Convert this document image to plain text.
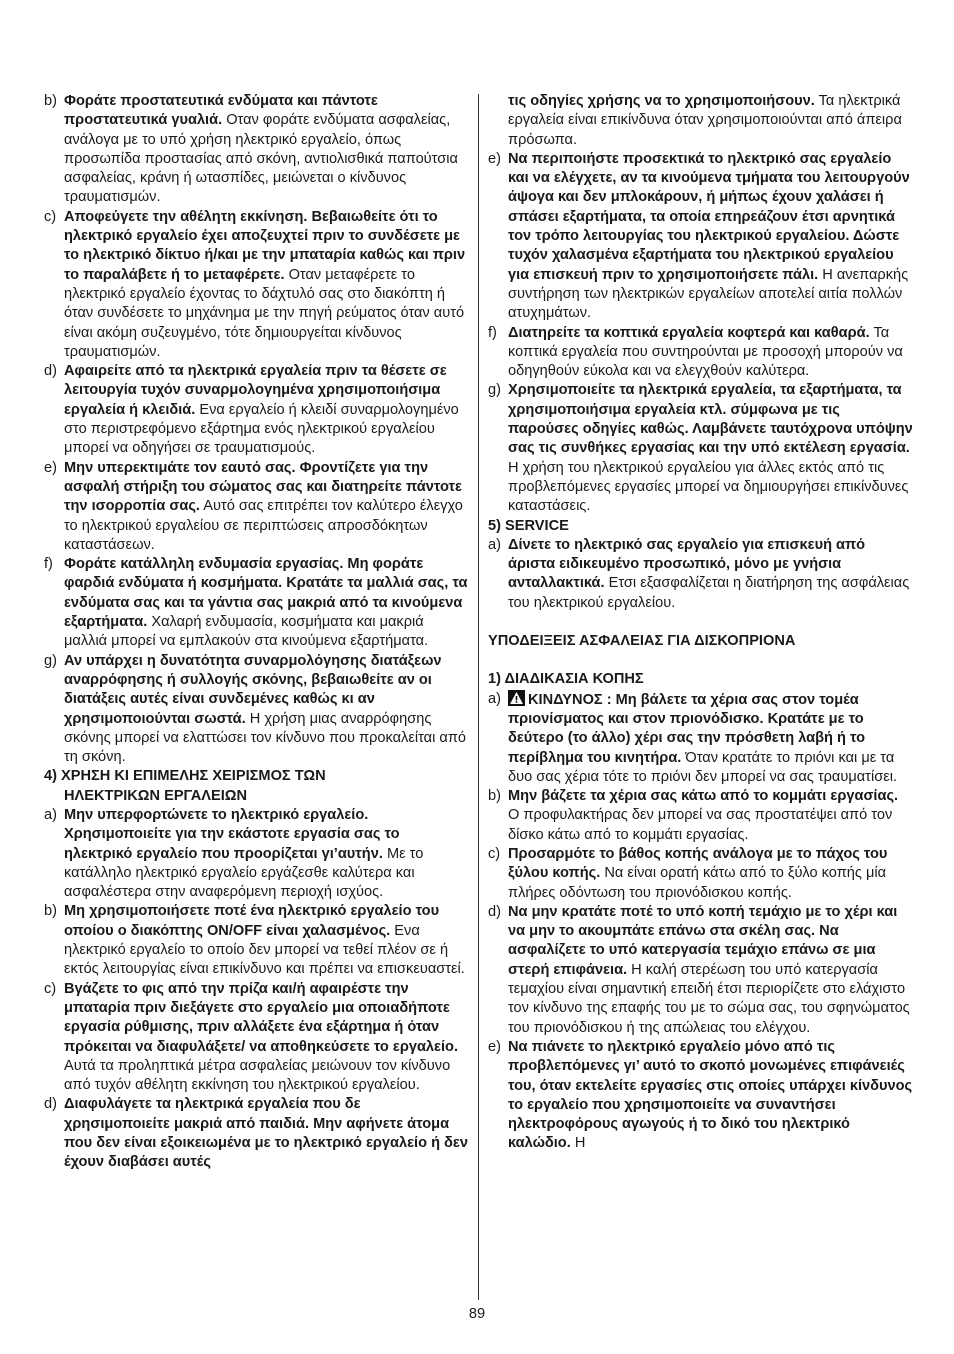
b) Φοράτε προστατευτικά ενδύματα και πάντοτε προστατευτικά γυαλιά. Οταν φοράτε ενδύματα ασφαλείας, ανάλογα με το υπό χρήση ηλεκτρικό εργαλείο, όπως προσωπίδα προστασίας από σκόνη, αντιολισθικά παπούτσια ασφαλείας, κράνη ή ωτασπίδες, μειώνεται ο κίνδυνος τραυματισμών.
c) Αποφεύγετε την αθέλητη εκκίνηση. Βεβαιωθείτε ότι το ηλεκτρικό εργαλείο έχει αποζευχτεί πριν το συνδέσετε με το ηλεκτρικό δίκτυο ή/και με την μπαταρία καθώς και πριν το παραλάβετε ή το μεταφέρετε. Οταν μεταφέρετε το ηλεκτρικό εργαλείο έχοντας το δάχτυλό σας στο διακόπτη ή όταν συνδέσετε το μηχάνημα με την πηγή ρεύματος όταν αυτό είναι ακόμη συζευγμένο, τότε δημιουργείται κίνδυνος τραυματισμών.
d) Αφαιρείτε από τα ηλεκτρικά εργαλεία πριν τα θέσετε σε λειτουργία τυχόν συναρμολογημένα χρησιμοποιήσιμα εργαλεία ή κλειδιά. Ενα εργαλείο ή κλειδί συναρμολογημένο στο περιστρεφόμενο εξάρτημα ενός ηλεκτρικού εργαλείου μπορεί να οδηγήσει σε τραυματισμούς.
e) Μην υπερεκτιμάτε τον εαυτό σας. Φροντίζετε για την ασφαλή στήριξη του σώματος σας και διατηρείτε πάντοτε την ισορροπία σας. Αυτό σας επιτρέπει τον καλύτερο έλεγχο το ηλεκτρικού εργαλείου σε περιπτώσεις απροσδόκητων καταστάσεων.
f) Φοράτε κατάλληλη ενδυμασία εργασίας. Μη φοράτε φαρδιά ενδύματα ή κοσμήματα. Κρατάτε τα μαλλιά σας, τα ενδύματα σας και τα γάντια σας μακριά από τα κινούμενα εξαρτήματα. Χαλαρή ενδυμασία, κοσμήματα και μακριά μαλλιά μπορεί να εμπλακούν στα κινούμενα εξαρτήματα.
g) Αν υπάρχει η δυνατότητα συναρμολόγησης διατάξεων αναρρόφησης ή συλλογής σκόνης, βεβαιωθείτε αν οι διατάξεις αυτές είναι συνδεμένες καθώς κι αν χρησιμοποιούνται σωστά. Η χρήση μιας αναρρόφησης σκόνης μπορεί να ελαττώσει τον κίνδυνο που προκαλείται από τη σκόνη.
4) ΧΡΗΣΗ ΚΙ ΕΠΙΜΕΛΗΣ ΧΕΙΡΙΣΜΟΣ ΤΩΝ
ΗΛΕΚΤΡΙΚΩΝ ΕΡΓΑΛΕΙΩΝ
a) Μην υπερφορτώνετε το ηλεκτρικό εργαλείο. Χρησιμοποιείτε για την εκάστοτε εργασία σας το ηλεκτρικό εργαλείο που προορίζεται γι’αυτήν. Με το κατάλληλο ηλεκτρικό εργαλείο εργάζεσθε καλύτερα και ασφαλέστερα στην αναφερόμενη περιοχή ισχύος.
b) Μη χρησιμοποιήσετε ποτέ ένα ηλεκτρικό εργαλείο του οποίου ο διακόπτης ON/OFF είναι χαλασμένος. Ενα ηλεκτρικό εργαλείο το οποίο δεν μπορεί να τεθεί πλέον σε ή εκτός λειτουργίας είναι επικίνδυνο και πρέπει να επισκευαστεί.
c) Βγάζετε το φις από την πρίζα και/ή αφαιρέστε την μπαταρία πριν διεξάγετε στο εργαλείο μια οποιαδήποτε εργασία ρύθμισης, πριν αλλάξετε ένα εξάρτημα ή όταν πρόκειται να διαφυλάξετε/ να αποθηκεύσετε το εργαλείο. Αυτά τα προληπτικά μέτρα ασφαλείας μειώνουν τον κίνδυνο από τυχόν αθέλητη εκκίνηση του ηλεκτρικού εργαλείου.
d) Διαφυλάγετε τα ηλεκτρικά εργαλεία που δε χρησιμοποιείτε μακριά από παιδιά. Μην αφήνετε άτομα που δεν είναι εξοικειωμένα με το ηλεκτρικό εργαλείο ή δεν έχουν διαβάσει αυτές
τις οδηγίες χρήσης να το χρησιμοποιήσουν. Τα ηλεκτρικά εργαλεία είναι επικίνδυνα όταν χρησιμοποιούνται από άπειρα πρόσωπα.
e) Να περιποιήστε προσεκτικά το ηλεκτρικό σας εργαλείο και να ελέγχετε, αν τα κινούμενα τμήματα του λειτουργούν άψογα και δεν μπλοκάρουν, ή μήπως έχουν χαλάσει ή σπάσει εξαρτήματα, τα οποία επηρεάζουν έτσι αρνητικά τον τρόπο λειτουργίας του ηλεκτρικού εργαλείου. Δώστε τυχόν χαλασμένα εξαρτήματα του ηλεκτρικού εργαλείου για επισκευή πριν το χρησιμοποιήσετε πάλι. Η ανεπαρκής συντήρηση των ηλεκτρικών εργαλείων αποτελεί αιτία πολλών ατυχημάτων.
f) Διατηρείτε τα κοπτικά εργαλεία κοφτερά και καθαρά. Τα κοπτικά εργαλεία που συντηρούνται με προσοχή μπορούν να οδηγηθούν εύκολα και να ελεγχθούν καλύτερα.
g) Χρησιμοποιείτε τα ηλεκτρικά εργαλεία, τα εξαρτήματα, τα χρησιμοποιήσιμα εργαλεία κτλ. σύμφωνα με τις παρούσες οδηγίες καθώς. Λαμβάνετε ταυτόχρονα υπόψην σας τις συνθήκες εργασίας και την υπό εκτέλεση εργασία. Η χρήση του ηλεκτρικού εργαλείου για άλλες εκτός από τις προβλεπόμενες εργασίες μπορεί να δημιουργήσει επικίνδυνες καταστάσεις.
5) SERVICE
a) Δίνετε το ηλεκτρικό σας εργαλείο για επισκευή από άριστα ειδικευμένο προσωπικό, μόνο με γνήσια ανταλλακτικά. Ετσι εξασφαλίζεται η διατήρηση της ασφάλειας του ηλεκτρικού εργαλείου.
ΥΠΟΔΕΙΞΕΙΣ ΑΣΦΑΛΕΙΑΣ ΓΙΑ ΔΙΣΚΟΠΡΙΟΝΑ
1) ΔΙΑΔΙΚΑΣΙΑ ΚΟΠΗΣ
a)	ΚΙΝΔΥΝΟΣ : Μη βάλετε τα χέρια σας στον τομέα πριονίσματος και στον πριονόδισκο. Κρατάτε με το δεύτερο (το άλλο) χέρι σας την πρόσθετη λαβή ή το περίβλημα του κινητήρα. Όταν κρατάτε το πριόνι και με τα δυο σας χέρια τότε το πριόνι δεν μπορεί να σας τραυματίσει.
b) Μην βάζετε τα χέρια σας κάτω από το κομμάτι εργασίας. Ο προφυλακτήρας δεν μπορεί να σας προστατέψει από τον δίσκο κάτω από το κομμάτι εργασίας.
c) Προσαρμότε το βάθος κοπής ανάλογα με το πάχος του ξύλου κοπής. Να είναι ορατή κάτω από το ξύλο κοπής μία πλήρες οδόντωση του πριονόδισκου κοπής.
d) Να μην κρατάτε ποτέ το υπό κοπή τεμάχιο με το χέρι και να μην το ακουμπάτε επάνω στα σκέλη σας. Να ασφαλίζετε το υπό κατεργασία τεμάχιο επάνω σε μια στερή επιφάνεια. Η καλή στερέωση του υπό κατεργασία τεμαχίου είναι σημαντική επειδή έτσι περιορίζετε στο ελάχιστο τον κίνδυνο της επαφής του με το σώμα σας, του σφηνώματος του πριονόδισκου ή της απώλειας του ελέγχου.
e) Να πιάνετε το ηλεκτρικό εργαλείο μόνο από τις προβλεπόμενες γι’ αυτό το σκοπό μονωμένες επιφάνειές του, όταν εκτελείτε εργασίες στις οποίες υπάρχει κίνδυνος το εργαλείο που χρησιμοποιείτε να συναντήσει ηλεκτροφόρους αγωγούς ή το δικό του ηλεκτρικό καλώδιο. Η
89
